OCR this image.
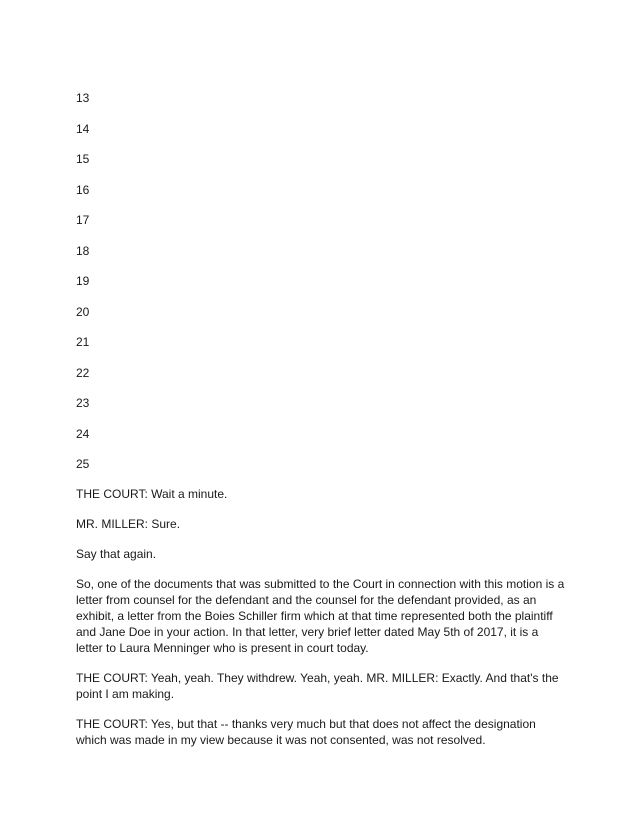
13
14
15
16
17
18
19
20
21
22
23
24
25

THE COURT: Wait a minute.

MR. MILLER: Sure.

Say that again.

So, one of the documents that was submitted to the Court in connection with this motion is a letter from counsel for the defendant and the counsel for the defendant provided, as an exhibit, a letter from the Boies Schiller firm which at that time represented both the plaintiff and Jane Doe in your action. In that letter, very brief letter dated May 5th of 2017, it is a letter to Laura Menninger who is present in court today.

THE COURT: Yeah, yeah. They withdrew. Yeah, yeah. MR. MILLER: Exactly. And that's the point I am making.

THE COURT: Yes, but that -- thanks very much but that does not affect the designation which was made in my view because it was not consented, was not resolved.
